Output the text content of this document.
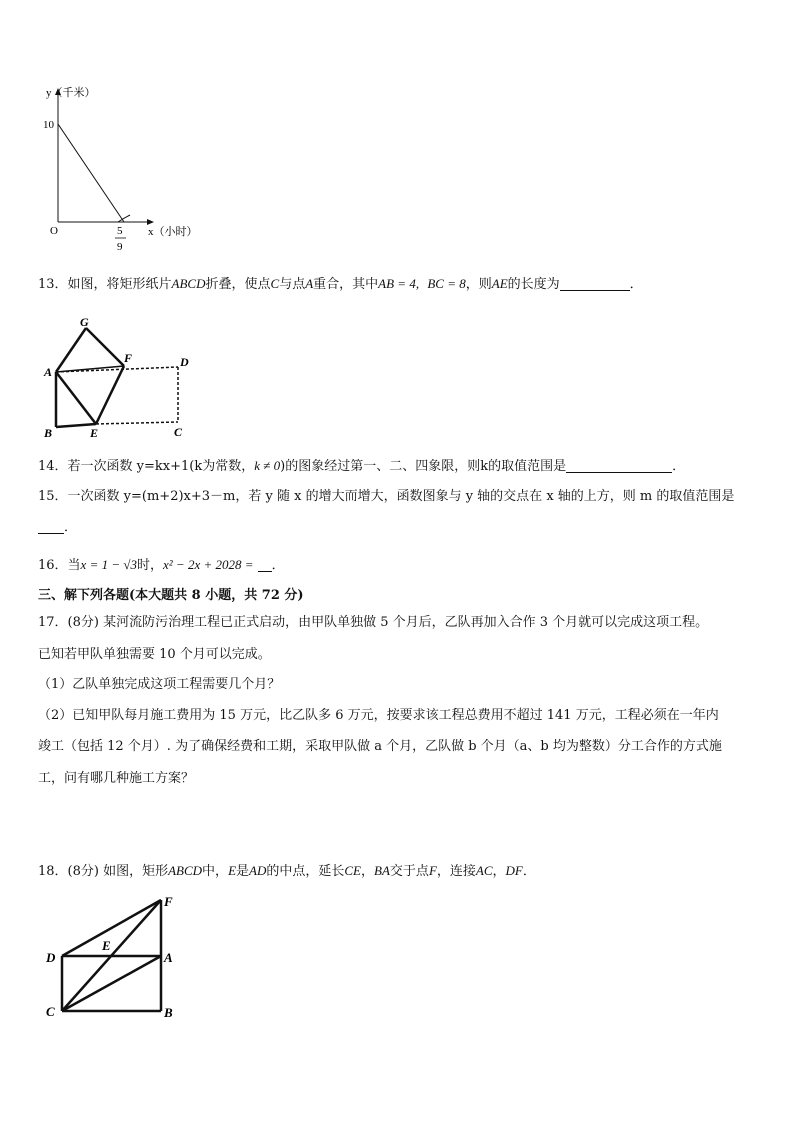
y（千米）
10
O	5
9
x（小时）
13．如图，将矩形纸片ABCD折叠，使点C与点A重合，其中AB = 4, BC = 8，则AE的长度为	．
G
F	D
A
B	E	C
14．若一次函数 y=kx+1(k为常数，k ≠ 0)的图象经过第一、二、四象限，则k的取值范围是	．
15．一次函数 y=(m+2)x+3－m，若 y 随 x 的增大而增大，函数图象与 y 轴的交点在 x 轴的上方，则 m 的取值范围是
．
16．当x = 1 − √3时，x² − 2x + 2028 = ．
三、解下列各题(本大题共 8 小题，共 72 分)
17．(8分) 某河流防污治理工程已正式启动，由甲队单独做 5 个月后，乙队再加入合作 3 个月就可以完成这项工程。
已知若甲队单独需要 10 个月可以完成。
（1）乙队单独完成这项工程需要几个月？
（2）已知甲队每月施工费用为 15 万元，比乙队多 6 万元，按要求该工程总费用不超过 141 万元，工程必须在一年内
竣工（包括 12 个月）. 为了确保经费和工期，采取甲队做 a 个月，乙队做 b 个月（a、b 均为整数）分工合作的方式施
工，问有哪几种施工方案？
18．(8分) 如图，矩形ABCD中，E是AD的中点，延长CE，BA交于点F，连接AC，DF．
F
E
D	A
C	B
